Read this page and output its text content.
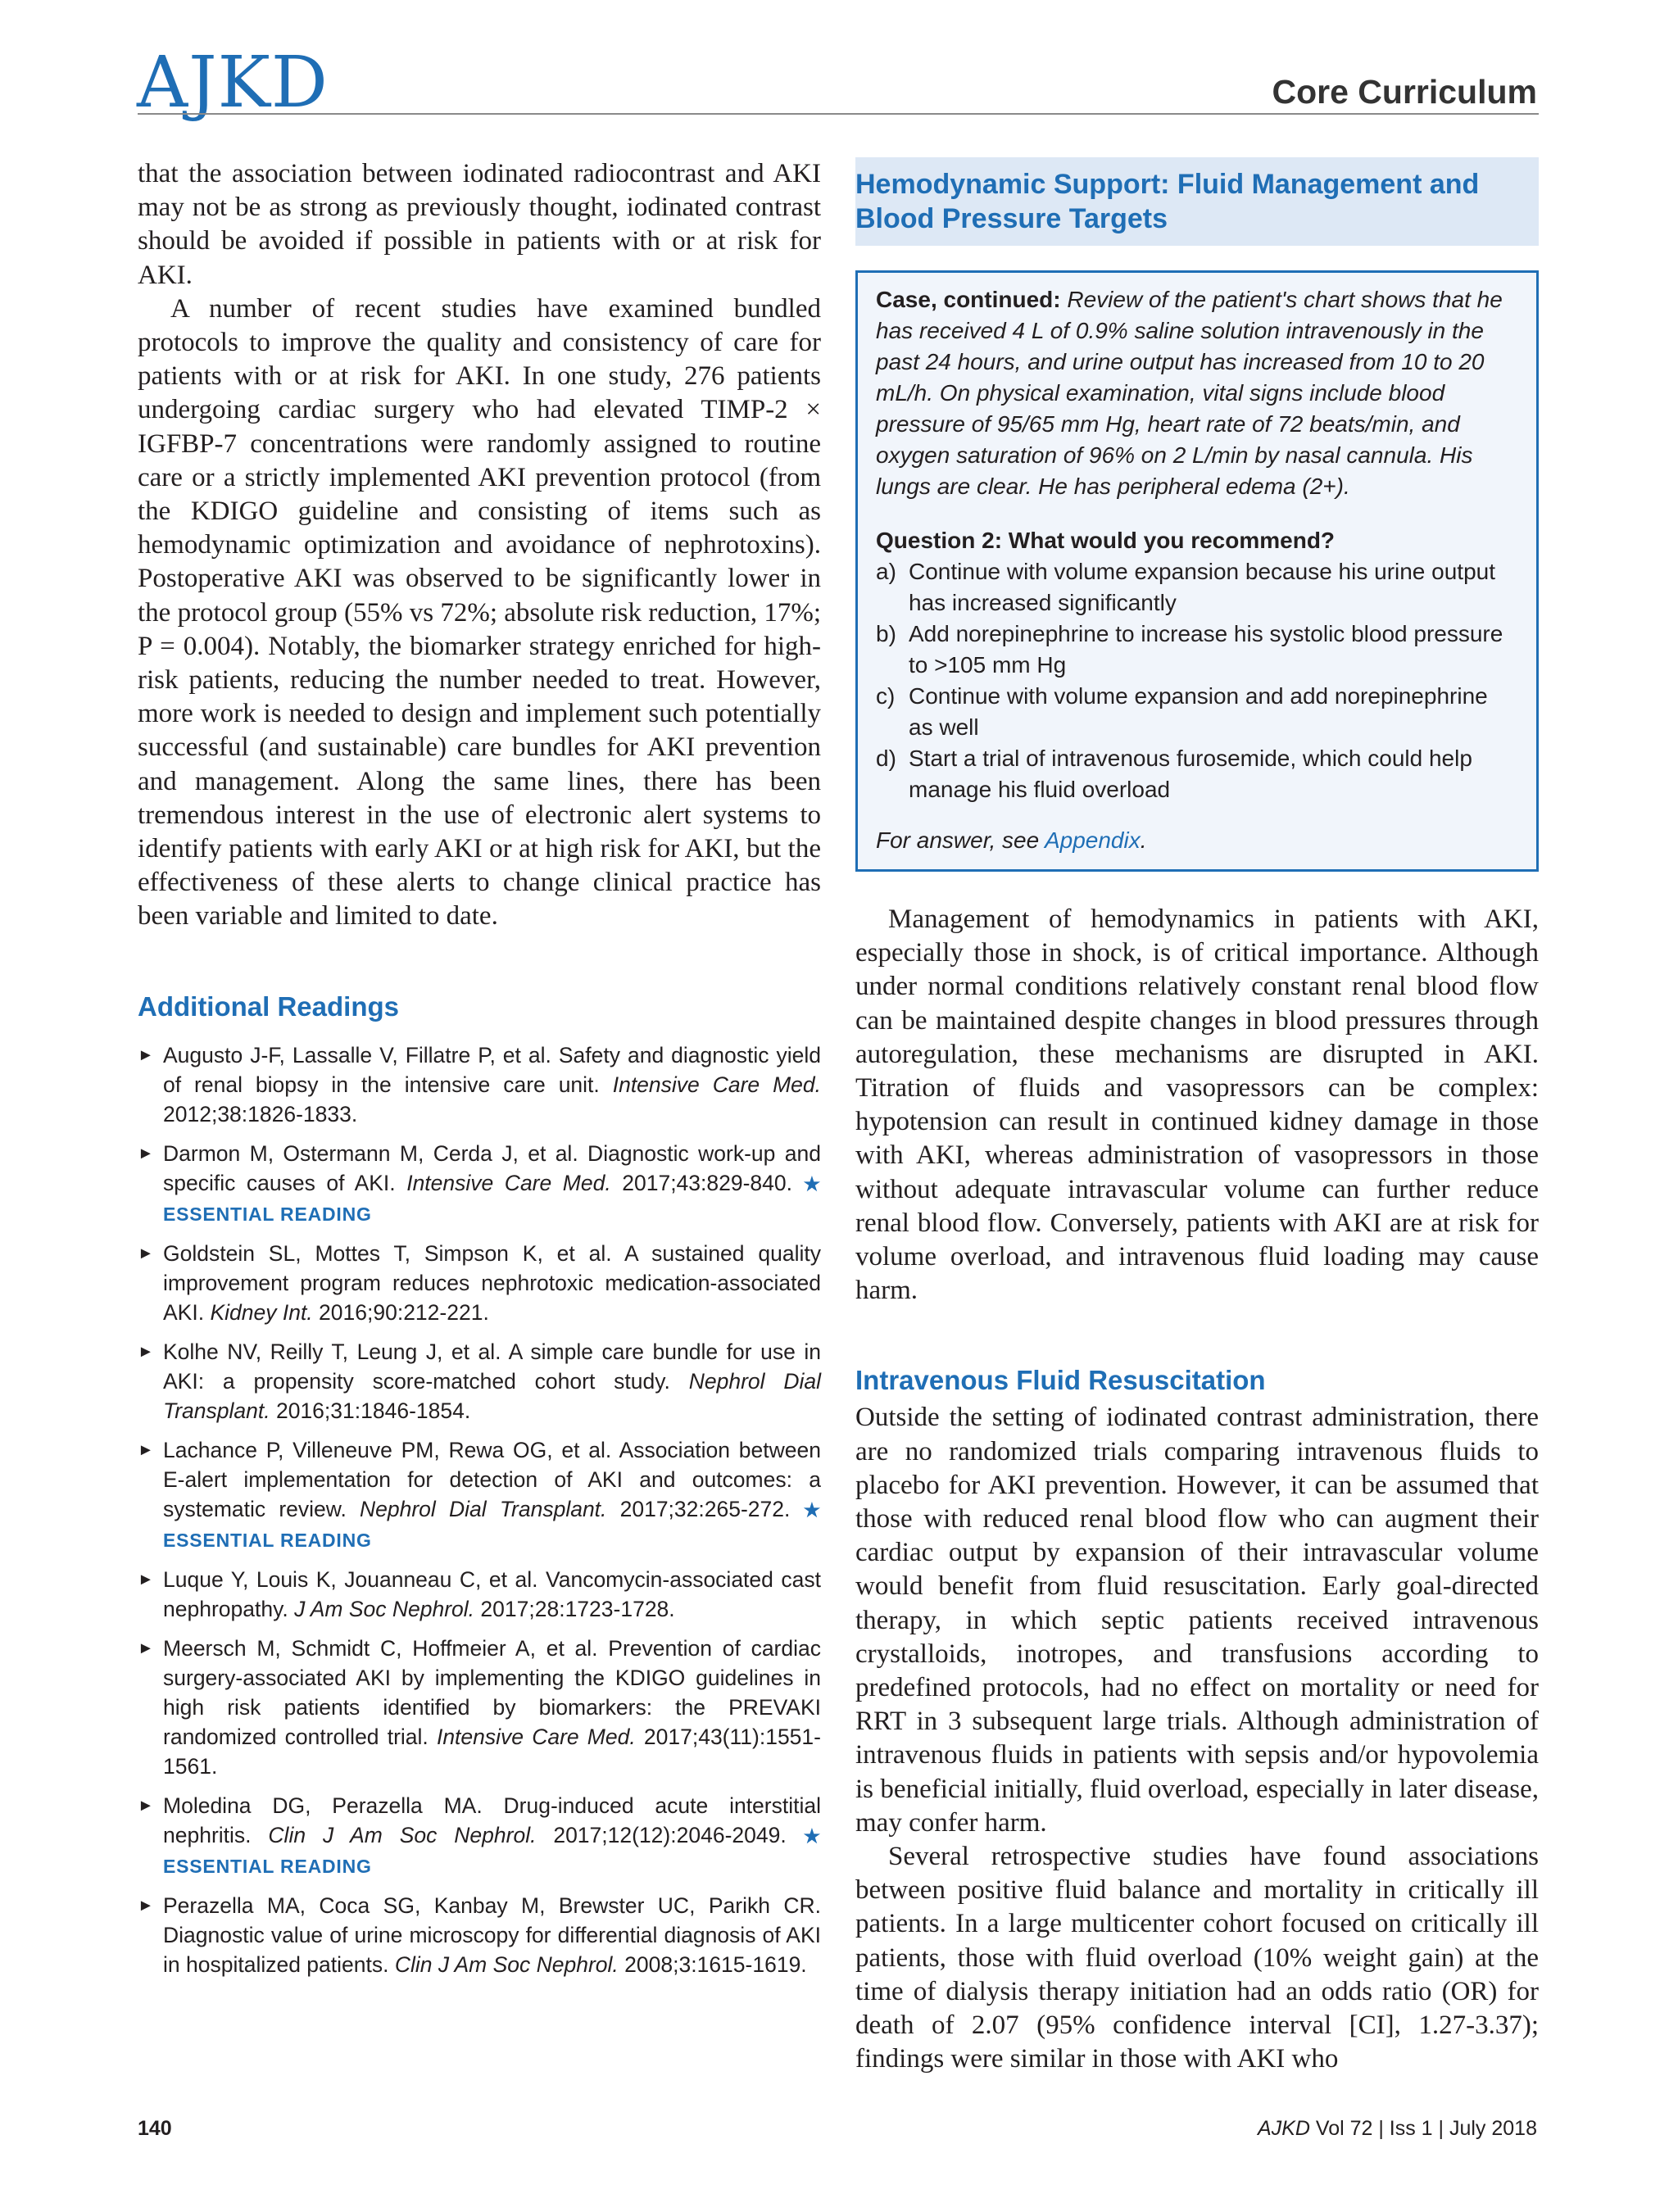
AJKD	Core Curriculum

that the association between iodinated radiocontrast and AKI may not be as strong as previously thought, iodinated contrast should be avoided if possible in patients with or at risk for AKI.

A number of recent studies have examined bundled protocols to improve the quality and consistency of care for patients with or at risk for AKI. In one study, 276 patients undergoing cardiac surgery who had elevated TIMP-2 × IGFBP-7 concentrations were randomly assigned to routine care or a strictly implemented AKI prevention protocol (from the KDIGO guideline and consisting of items such as hemodynamic optimization and avoidance of nephrotoxins). Postoperative AKI was observed to be significantly lower in the protocol group (55% vs 72%; absolute risk reduction, 17%; P = 0.004). Notably, the biomarker strategy enriched for high-risk patients, reducing the number needed to treat. However, more work is needed to design and implement such potentially successful (and sustainable) care bundles for AKI prevention and management. Along the same lines, there has been tremendous interest in the use of electronic alert systems to identify patients with early AKI or at high risk for AKI, but the effectiveness of these alerts to change clinical practice has been variable and limited to date.

Additional Readings
► Augusto J-F, Lassalle V, Fillatre P, et al. Safety and diagnostic yield of renal biopsy in the intensive care unit. Intensive Care Med. 2012;38:1826-1833.
► Darmon M, Ostermann M, Cerda J, et al. Diagnostic work-up and specific causes of AKI. Intensive Care Med. 2017;43:829-840. ★ ESSENTIAL READING
► Goldstein SL, Mottes T, Simpson K, et al. A sustained quality improvement program reduces nephrotoxic medication-associated AKI. Kidney Int. 2016;90:212-221.
► Kolhe NV, Reilly T, Leung J, et al. A simple care bundle for use in AKI: a propensity score-matched cohort study. Nephrol Dial Transplant. 2016;31:1846-1854.
► Lachance P, Villeneuve PM, Rewa OG, et al. Association between E-alert implementation for detection of AKI and outcomes: a systematic review. Nephrol Dial Transplant. 2017;32:265-272. ★ ESSENTIAL READING
► Luque Y, Louis K, Jouanneau C, et al. Vancomycin-associated cast nephropathy. J Am Soc Nephrol. 2017;28:1723-1728.
► Meersch M, Schmidt C, Hoffmeier A, et al. Prevention of cardiac surgery-associated AKI by implementing the KDIGO guidelines in high risk patients identified by biomarkers: the PREVAKI randomized controlled trial. Intensive Care Med. 2017;43(11):1551-1561.
► Moledina DG, Perazella MA. Drug-induced acute interstitial nephritis. Clin J Am Soc Nephrol. 2017;12(12):2046-2049. ★ ESSENTIAL READING
► Perazella MA, Coca SG, Kanbay M, Brewster UC, Parikh CR. Diagnostic value of urine microscopy for differential diagnosis of AKI in hospitalized patients. Clin J Am Soc Nephrol. 2008;3:1615-1619.
Hemodynamic Support: Fluid Management and Blood Pressure Targets
Case, continued: Review of the patient's chart shows that he has received 4 L of 0.9% saline solution intravenously in the past 24 hours, and urine output has increased from 10 to 20 mL/h. On physical examination, vital signs include blood pressure of 95/65 mm Hg, heart rate of 72 beats/min, and oxygen saturation of 96% on 2 L/min by nasal cannula. His lungs are clear. He has peripheral edema (2+).
Question 2: What would you recommend?
a) Continue with volume expansion because his urine output has increased significantly
b) Add norepinephrine to increase his systolic blood pressure to >105 mm Hg
c) Continue with volume expansion and add norepinephrine as well
d) Start a trial of intravenous furosemide, which could help manage his fluid overload
For answer, see Appendix.

Management of hemodynamics in patients with AKI, especially those in shock, is of critical importance. Although under normal conditions relatively constant renal blood flow can be maintained despite changes in blood pressures through autoregulation, these mechanisms are disrupted in AKI. Titration of fluids and vasopressors can be complex: hypotension can result in continued kidney damage in those with AKI, whereas administration of vasopressors in those without adequate intravascular volume can further reduce renal blood flow. Conversely, patients with AKI are at risk for volume overload, and intravenous fluid loading may cause harm.

Intravenous Fluid Resuscitation

Outside the setting of iodinated contrast administration, there are no randomized trials comparing intravenous fluids to placebo for AKI prevention. However, it can be assumed that those with reduced renal blood flow who can augment their cardiac output by expansion of their intravascular volume would benefit from fluid resuscitation. Early goal-directed therapy, in which septic patients received intravenous crystalloids, inotropes, and transfusions according to predefined protocols, had no effect on mortality or need for RRT in 3 subsequent large trials. Although administration of intravenous fluids in patients with sepsis and/or hypovolemia is beneficial initially, fluid overload, especially in later disease, may confer harm.

Several retrospective studies have found associations between positive fluid balance and mortality in critically ill patients. In a large multicenter cohort focused on critically ill patients, those with fluid overload (10% weight gain) at the time of dialysis therapy initiation had an odds ratio (OR) for death of 2.07 (95% confidence interval [CI], 1.27-3.37); findings were similar in those with AKI who

140	AJKD Vol 72 | Iss 1 | July 2018
